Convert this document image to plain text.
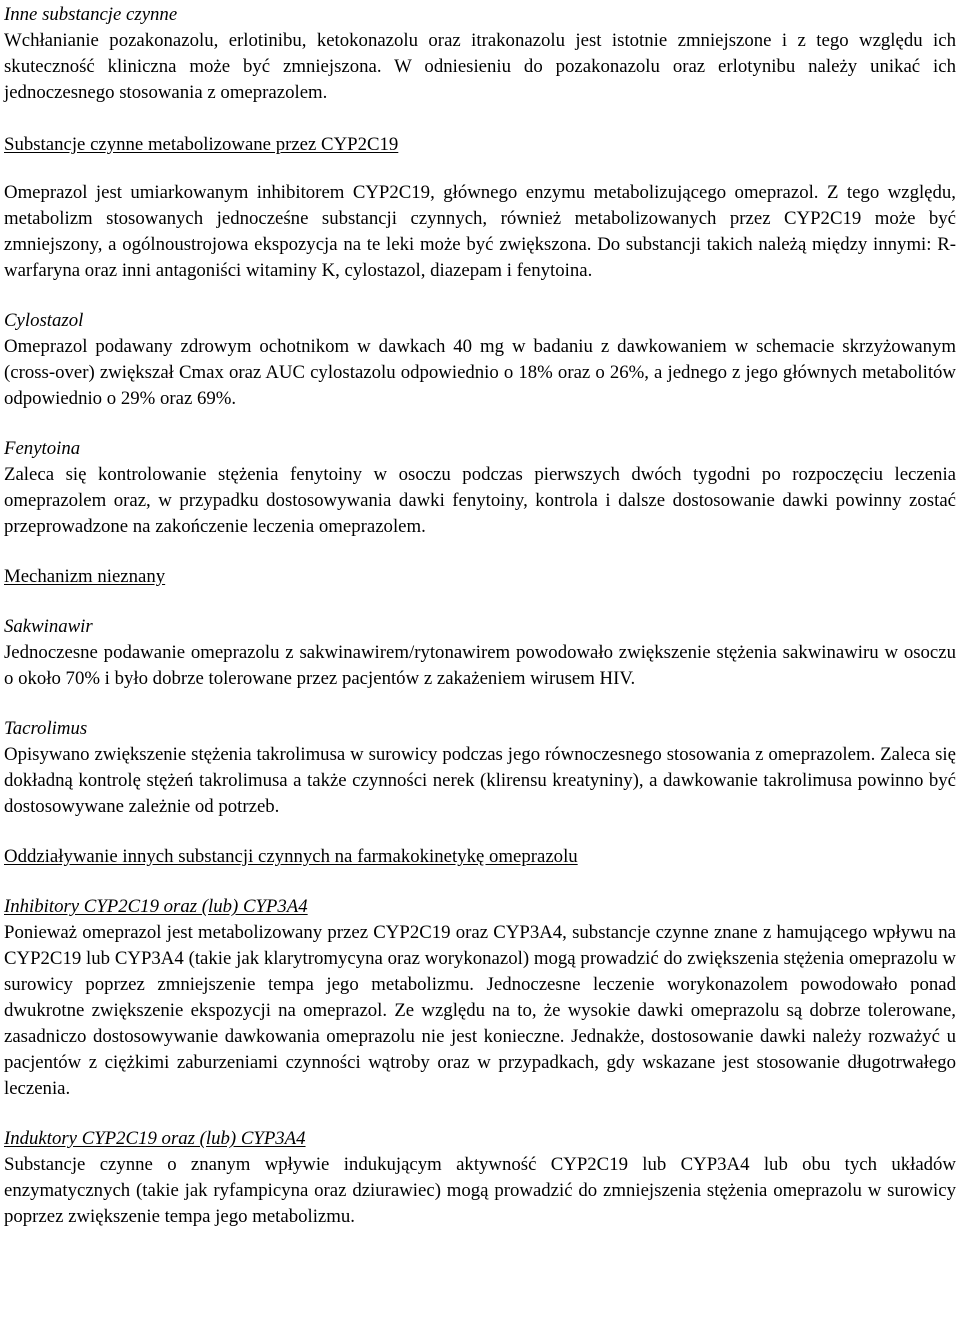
Inne substancje czynne

Wchłanianie pozakonazolu, erlotinibu, ketokonazolu oraz itrakonazolu jest istotnie zmniejszone i z tego względu ich skuteczność kliniczna może być zmniejszona. W odniesieniu do pozakonazolu oraz erlotynibu należy unikać ich jednoczesnego stosowania z omeprazolem.

Substancje czynne metabolizowane przez CYP2C19

Omeprazol jest umiarkowanym inhibitorem CYP2C19, głównego enzymu metabolizującego omeprazol. Z tego względu, metabolizm stosowanych jednocześne substancji czynnych, również metabolizowanych przez CYP2C19 może być zmniejszony, a ogólnoustrojowa ekspozycja na te leki może być zwiększona. Do substancji takich należą między innymi: R-warfaryna oraz inni antagoniści witaminy K, cylostazol, diazepam i fenytoina.

Cylostazol

Omeprazol podawany zdrowym ochotnikom w dawkach 40 mg w badaniu z dawkowaniem w schemacie skrzyżowanym (cross-over) zwiększał Cmax oraz AUC cylostazolu odpowiednio o 18% oraz o 26%, a jednego z jego głównych metabolitów odpowiednio o 29% oraz 69%.

Fenytoina

Zaleca się kontrolowanie stężenia fenytoiny w osoczu podczas pierwszych dwóch tygodni po rozpoczęciu leczenia omeprazolem oraz, w przypadku dostosowywania dawki fenytoiny, kontrola i dalsze dostosowanie dawki powinny zostać przeprowadzone na zakończenie leczenia omeprazolem.

Mechanizm nieznany

Sakwinawir

Jednoczesne podawanie omeprazolu z sakwinawirem/rytonawirem powodowało zwiększenie stężenia sakwinawiru w osoczu o około 70% i było dobrze tolerowane przez pacjentów z zakażeniem wirusem HIV.

Tacrolimus

Opisywano zwiększenie stężenia takrolimusa w surowicy podczas jego równoczesnego stosowania z omeprazolem. Zaleca się dokładną kontrolę stężeń takrolimusa a także czynności nerek (klirensu kreatyniny), a dawkowanie takrolimusa powinno być dostosowywane zależnie od potrzeb.

Oddziaływanie innych substancji czynnych na farmakokinetykę omeprazolu

Inhibitory CYP2C19 oraz (lub) CYP3A4

Ponieważ omeprazol jest metabolizowany przez CYP2C19 oraz CYP3A4, substancje czynne znane z hamującego wpływu na CYP2C19 lub CYP3A4 (takie jak klarytromycyna oraz worykonazol) mogą prowadzić do zwiększenia stężenia omeprazolu w surowicy poprzez zmniejszenie tempa jego metabolizmu. Jednoczesne leczenie worykonazolem powodowało ponad dwukrotne zwiększenie ekspozycji na omeprazol. Ze względu na to, że wysokie dawki omeprazolu są dobrze tolerowane, zasadniczo dostosowywanie dawkowania omeprazolu nie jest konieczne. Jednakże, dostosowanie dawki należy rozważyć u pacjentów z ciężkimi zaburzeniami czynności wątroby oraz w przypadkach, gdy wskazane jest stosowanie długotrwałego leczenia.

Induktory CYP2C19 oraz (lub) CYP3A4

Substancje czynne o znanym wpływie indukującym aktywność CYP2C19 lub CYP3A4 lub obu tych układów enzymatycznych (takie jak ryfampicyna oraz dziurawiec) mogą prowadzić do zmniejszenia stężenia omeprazolu w surowicy poprzez zwiększenie tempa jego metabolizmu.
